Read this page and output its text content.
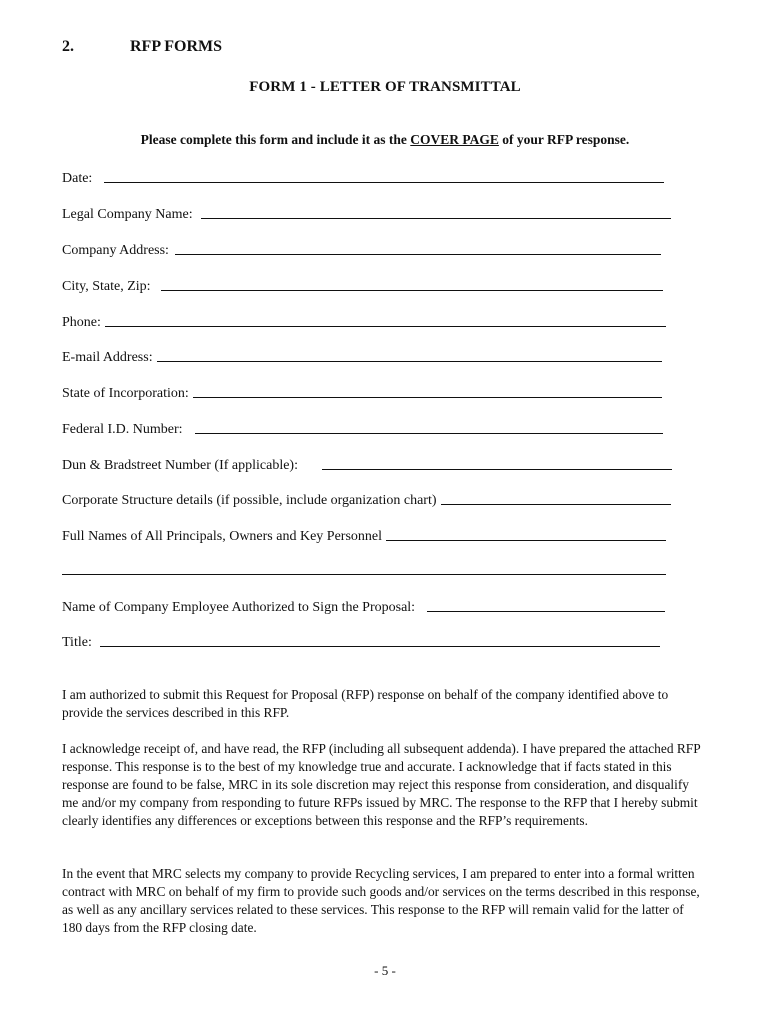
2.	RFP FORMS
FORM 1 - LETTER OF TRANSMITTAL
Please complete this form and include it as the COVER PAGE of your RFP response.
Date:
Legal Company Name:
Company Address:
City, State, Zip:
Phone:
E-mail Address:
State of Incorporation:
Federal I.D. Number:
Dun & Bradstreet Number (If applicable):
Corporate Structure details (if possible, include organization chart)
Full Names of All Principals, Owners and Key Personnel
Name of Company Employee Authorized to Sign the Proposal:
Title:
I am authorized to submit this Request for Proposal (RFP) response on behalf of the company identified above to provide the services described in this RFP.
I acknowledge receipt of, and have read, the RFP (including all subsequent addenda). I have prepared the attached RFP response. This response is to the best of my knowledge true and accurate. I acknowledge that if facts stated in this response are found to be false, MRC in its sole discretion may reject this response from consideration, and disqualify me and/or my company from responding to future RFPs issued by MRC. The response to the RFP that I hereby submit clearly identifies any differences or exceptions between this response and the RFP’s requirements.
In the event that MRC selects my company to provide Recycling services, I am prepared to enter into a formal written contract with MRC on behalf of my firm to provide such goods and/or services on the terms described in this response, as well as any ancillary services related to these services. This response to the RFP will remain valid for the latter of 180 days from the RFP closing date.
- 5 -
